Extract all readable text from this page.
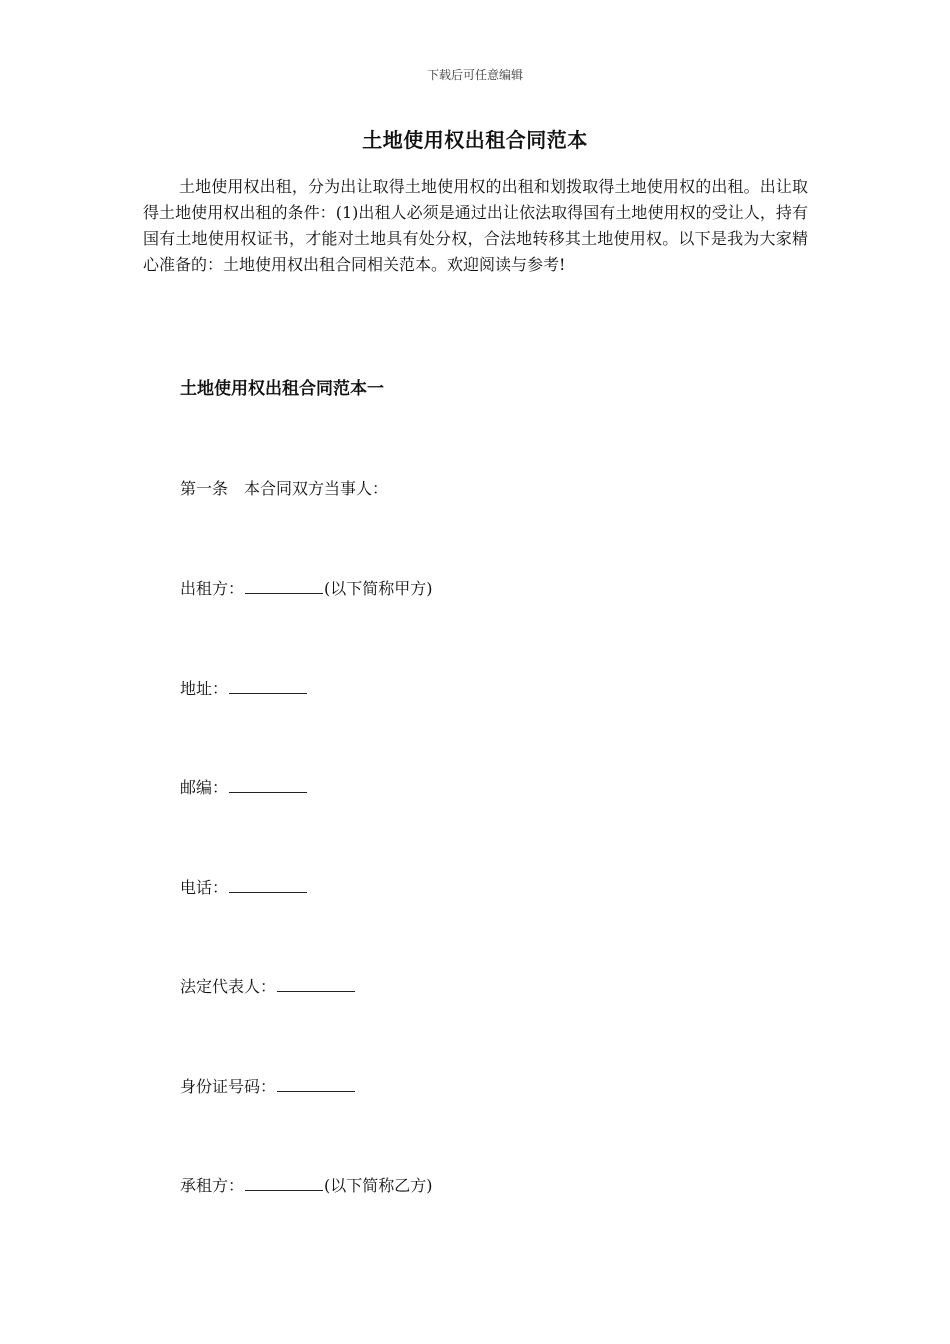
下载后可任意编辑
土地使用权出租合同范本

土地使用权出租，分为出让取得土地使用权的出租和划拨取得土地使用权的出租。出让取得土地使用权出租的条件：(1)出租人必须是通过出让依法取得国有土地使用权的受让人，持有国有土地使用权证书，才能对土地具有处分权，合法地转移其土地使用权。以下是我为大家精心准备的：土地使用权出租合同相关范本。欢迎阅读与参考!

土地使用权出租合同范本一
第一条　本合同双方当事人：
出租方：	(以下简称甲方)
地址：
邮编：
电话：
法定代表人：
身份证号码：
承租方：	(以下简称乙方)
